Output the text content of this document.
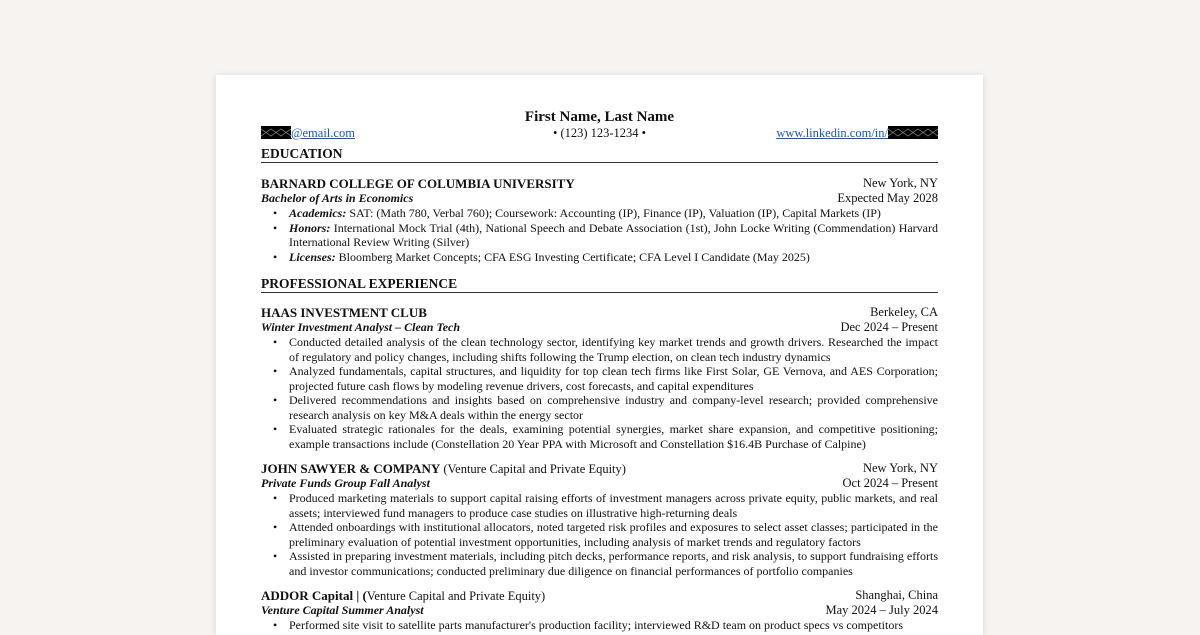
First Name, Last Name
@email.com	• (123) 123-1234 •	www.linkedin.com/in/
EDUCATION
BARNARD COLLEGE OF COLUMBIA UNIVERSITY	New York, NY
Bachelor of Arts in Economics	Expected May 2028
• Academics: SAT: (Math 780, Verbal 760); Coursework: Accounting (IP), Finance (IP), Valuation (IP), Capital Markets (IP)
• Honors: International Mock Trial (4th), National Speech and Debate Association (1st), John Locke Writing (Commendation) Harvard International Review Writing (Silver)
• Licenses: Bloomberg Market Concepts; CFA ESG Investing Certificate; CFA Level I Candidate (May 2025)
PROFESSIONAL EXPERIENCE
HAAS INVESTMENT CLUB	Berkeley, CA
Winter Investment Analyst – Clean Tech	Dec 2024 – Present
• Conducted detailed analysis of the clean technology sector, identifying key market trends and growth drivers. Researched the impact of regulatory and policy changes, including shifts following the Trump election, on clean tech industry dynamics
• Analyzed fundamentals, capital structures, and liquidity for top clean tech firms like First Solar, GE Vernova, and AES Corporation; projected future cash flows by modeling revenue drivers, cost forecasts, and capital expenditures
• Delivered recommendations and insights based on comprehensive industry and company-level research; provided comprehensive research analysis on key M&A deals within the energy sector
• Evaluated strategic rationales for the deals, examining potential synergies, market share expansion, and competitive positioning; example transactions include (Constellation 20 Year PPA with Microsoft and Constellation $16.4B Purchase of Calpine)
JOHN SAWYER & COMPANY (Venture Capital and Private Equity)	New York, NY
Private Funds Group Fall Analyst	Oct 2024 – Present
• Produced marketing materials to support capital raising efforts of investment managers across private equity, public markets, and real assets; interviewed fund managers to produce case studies on illustrative high-returning deals
• Attended onboardings with institutional allocators, noted targeted risk profiles and exposures to select asset classes; participated in the preliminary evaluation of potential investment opportunities, including analysis of market trends and regulatory factors
• Assisted in preparing investment materials, including pitch decks, performance reports, and risk analysis, to support fundraising efforts and investor communications; conducted preliminary due diligence on financial performances of portfolio companies
ADDOR Capital | (Venture Capital and Private Equity)	Shanghai, China
Venture Capital Summer Analyst	May 2024 – July 2024
• Performed site visit to satellite parts manufacturer's production facility; interviewed R&D team on product specs vs competitors
